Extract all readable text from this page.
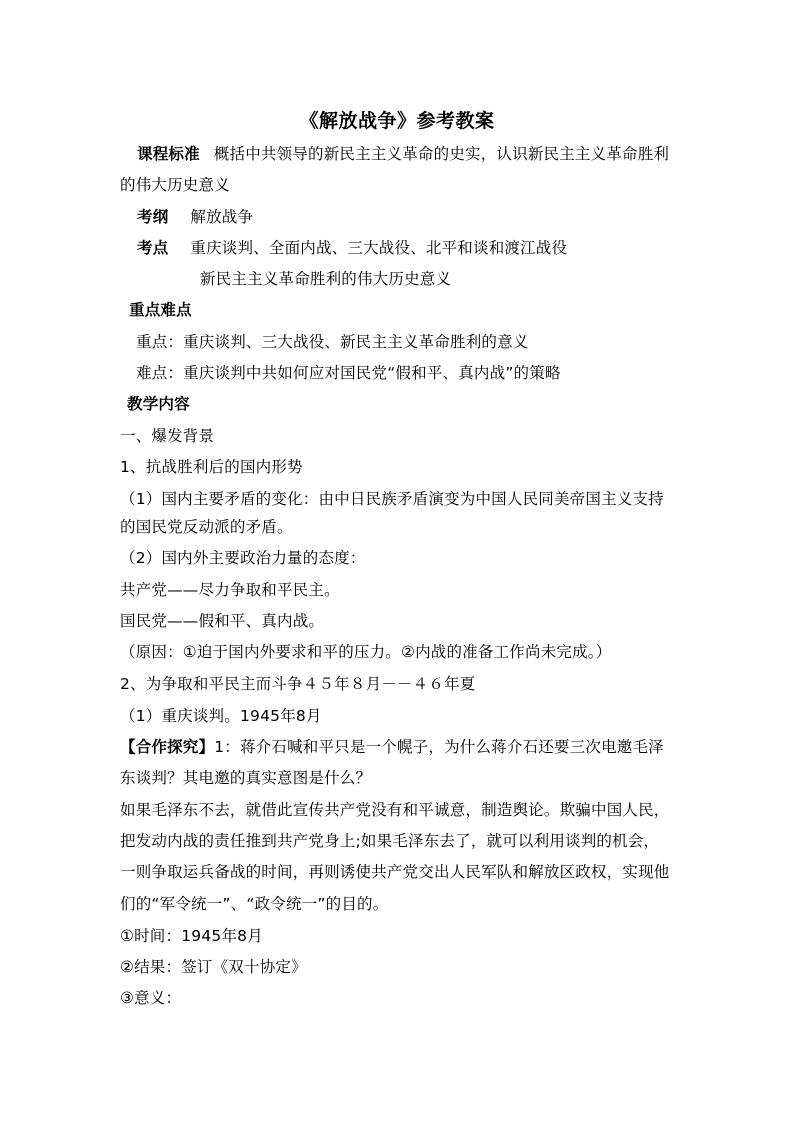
《解放战争》参考教案
课程标准 概括中共领导的新民主主义革命的史实，认识新民主主义革命胜利
的伟大历史意义
考纲 解放战争
考点 重庆谈判、全面内战、三大战役、北平和谈和渡江战役
新民主主义革命胜利的伟大历史意义
重点难点
重点：重庆谈判、三大战役、新民主主义革命胜利的意义
难点：重庆谈判中共如何应对国民党“假和平、真内战”的策略
教学内容
一、爆发背景
1、抗战胜利后的国内形势
（1）国内主要矛盾的变化：由中日民族矛盾演变为中国人民同美帝国主义支持
的国民党反动派的矛盾。
（2）国内外主要政治力量的态度：
共产党——尽力争取和平民主。
国民党——假和平、真内战。
（原因：①迫于国内外要求和平的压力。②内战的准备工作尚未完成。）
2、为争取和平民主而斗争４５年８月－－４６年夏
（1）重庆谈判。1945年8月
【合作探究】1：蒋介石喊和平只是一个幌子，为什么蒋介石还要三次电邀毛泽
东谈判？其电邀的真实意图是什么？
如果毛泽东不去，就借此宣传共产党没有和平诚意，制造舆论。欺骗中国人民，
把发动内战的责任推到共产党身上;如果毛泽东去了，就可以利用谈判的机会，
一则争取运兵备战的时间，再则诱使共产党交出人民军队和解放区政权，实现他
们的“军令统一”、“政令统一”的目的。
①时间：1945年8月
②结果：签订《双十协定》
③意义：
